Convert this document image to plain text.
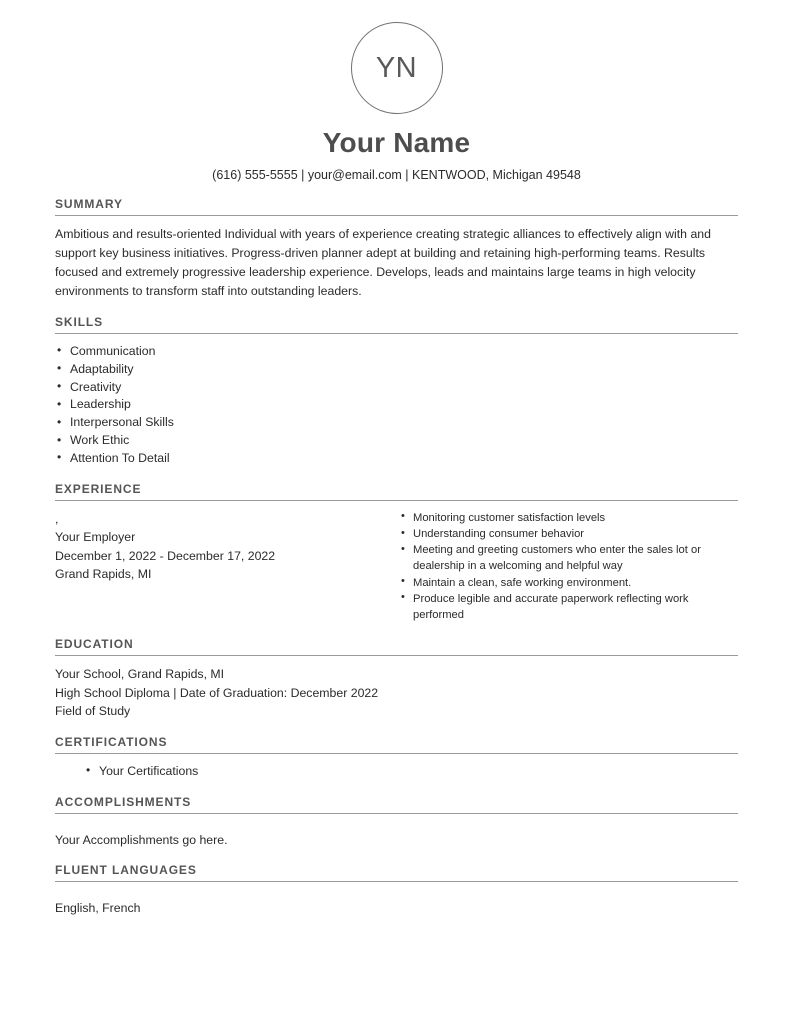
YN
Your Name
(616) 555-5555 | your@email.com | KENTWOOD, Michigan 49548
SUMMARY
Ambitious and results-oriented Individual with years of experience creating strategic alliances to effectively align with and support key business initiatives. Progress-driven planner adept at building and retaining high-performing teams. Results focused and extremely progressive leadership experience. Develops, leads and maintains large teams in high velocity environments to transform staff into outstanding leaders.
SKILLS
• Communication
• Adaptability
• Creativity
• Leadership
• Interpersonal Skills
• Work Ethic
• Attention To Detail
EXPERIENCE
,
Your Employer
December 1, 2022 - December 17, 2022
Grand Rapids, MI
• Monitoring customer satisfaction levels
• Understanding consumer behavior
• Meeting and greeting customers who enter the sales lot or dealership in a welcoming and helpful way
• Maintain a clean, safe working environment.
• Produce legible and accurate paperwork reflecting work performed
EDUCATION
Your School, Grand Rapids, MI
High School Diploma | Date of Graduation: December 2022
Field of Study
CERTIFICATIONS
• Your Certifications
ACCOMPLISHMENTS
Your Accomplishments go here.
FLUENT LANGUAGES
English, French
